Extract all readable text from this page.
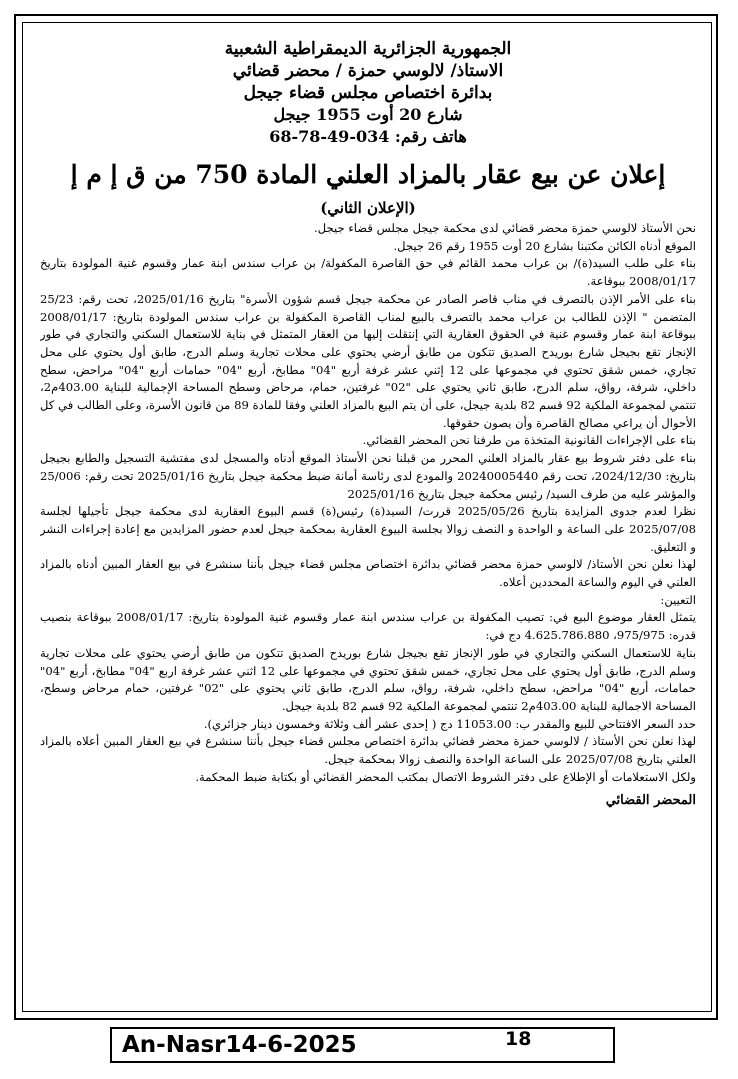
الجمهورية الجزائرية الديمقراطية الشعبية
الاستاذ/ لالوسي حمزة / محضر قضائي
بدائرة اختصاص مجلس قضاء جيجل
شارع 20 أوت 1955 جيجل
هاتف رقم: 034-49-78-68
إعلان عن بيع عقار بالمزاد العلني المادة 750 من ق إ م إ
(الإعلان الثاني)

نحن الأستاذ لالوسي حمزة محضر قضائي لدى محكمة جيجل مجلس قضاء جيجل.

الموقع أدناه الكائن مكتبنا بشارع 20 أوت 1955 رقم 26 جيجل.

بناء على طلب السيد(ة)/ بن عراب محمد القائم في حق القاصرة المكفولة/ بن عراب سندس ابنة عمار وقسوم غنية المولودة بتاريخ 2008/01/17 ببوقاعة.

بناء على الأمر الإذن بالتصرف في مناب قاصر الصادر عن محكمة جيجل قسم شؤون الأسرة" بتاريخ 2025/01/16، تحت رقم: 25/23 المتضمن " الإذن للطالب بن عراب محمد بالتصرف بالبيع لمناب القاصرة المكفولة بن عراب سندس المولودة بتاريخ: 2008/01/17 ببوقاعة ابنة عمار وقسوم غنية في الحقوق العقارية التي إنتقلت إليها من العقار المتمثل في بناية للاستعمال السكني والتجاري في طور الإنجاز تقع بجيجل شارع بوريدح الصديق تتكون من طابق أرضي يحتوي على محلات تجارية وسلم الدرج، طابق أول يحتوي على محل تجاري، خمس شقق تحتوي في مجموعها على 12 إثني عشر غرفة أربع "04" مطابخ، أربع "04" حمامات أربع "04" مراحض، سطح داخلي، شرفة، رواق، سلم الدرج، طابق ثاني يحتوي على "02" غرفتين، حمام، مرحاض وسطح المساحة الإجمالية للبناية 403.00م2، تنتمي لمجموعة الملكية 92 قسم 82 بلدية جيجل، على أن يتم البيع بالمزاد العلني وفقا للمادة 89 من قانون الأسرة، وعلى الطالب في كل الأحوال أن يراعي مصالح القاصرة وأن يصون حقوقها.

بناء على الإجراءات القانونية المتخذة من طرفنا نحن المحضر القضائي.

بناء على دفتر شروط بيع عقار بالمزاد العلني المحرر من قبلنا نحن الأستاذ الموقع أدناه والمسجل لدى مفتشية التسجيل والطابع بجيجل بتاريخ: 2024/12/30، تحت رقم 20240005440 والمودع لدى رئاسة أمانة ضبط محكمة جيجل بتاريخ 2025/01/16 تحت رقم: 25/006 والمؤشر عليه من طرف السيد/ رئيس محكمة جيجل بتاريخ 2025/01/16

نظرا لعدم جدوى المزايدة بتاريخ 2025/05/26 قررت/ السيد(ة) رئيس(ة) قسم البيوع العقارية لدى محكمة جيجل تأجيلها لجلسة 2025/07/08 على الساعة و الواحدة و النصف زوالا بجلسة البيوع العقارية بمحكمة جيجل لعدم حضور المزايدين مع إعادة إجراءات النشر و التعليق.

لهذا نعلن نحن الأستاذ/ لالوسي حمزة محضر قضائي بدائرة اختصاص مجلس قضاء جيجل بأننا سنشرع في بيع العقار المبين أدناه بالمزاد العلني في اليوم والساعة المحددين أعلاه.

التعيين:

يتمثل العقار موضوع البيع في: تصيب المكفولة بن عراب سندس ابنة عمار وقسوم غنية المولودة بتاريخ: 2008/01/17 ببوقاعة بنصيب قدره: 975/975، 4.625.786.880 دج في:

بناية للاستعمال السكني والتجاري في طور الإنجاز تقع بجيجل شارع بوريدح الصديق تتكون من طابق أرضي يحتوي على محلات تجارية وسلم الدرج، طابق أول يحتوي على محل تجاري، خمس شقق تحتوي في مجموعها على 12 اثني عشر غرفة اربع "04" مطابخ، أربع "04" حمامات، أربع "04" مراحض، سطح داخلي، شرفة، رواق، سلم الدرج، طابق ثاني يحتوي على "02" غرفتين، حمام مرحاض وسطح، المساحة الاجمالية للبناية 403.00م2 تنتمي لمجموعة الملكية 92 قسم 82 بلدية جيجل.

حدد السعر الافتتاحي للبيع والمقدر ب: 11053.00 دج ( إحدى عشر ألف وثلاثة وخمسون دينار جزائري).

لهذا نعلن نحن الأستاذ / لالوسي حمزة محضر قضائي بدائرة اختصاص مجلس قضاء جيجل بأننا سنشرع في بيع العقار المبين أعلاه بالمزاد العلني بتاريخ 2025/07/08 على الساعة الواحدة والنصف زوالا بمحكمة جيجل.

ولكل الاستعلامات أو الإطلاع على دفتر الشروط الاتصال بمكتب المحضر القضائي أو بكتابة ضبط المحكمة.

المحضر القضائي
An-Nasr14-6-2025	18
